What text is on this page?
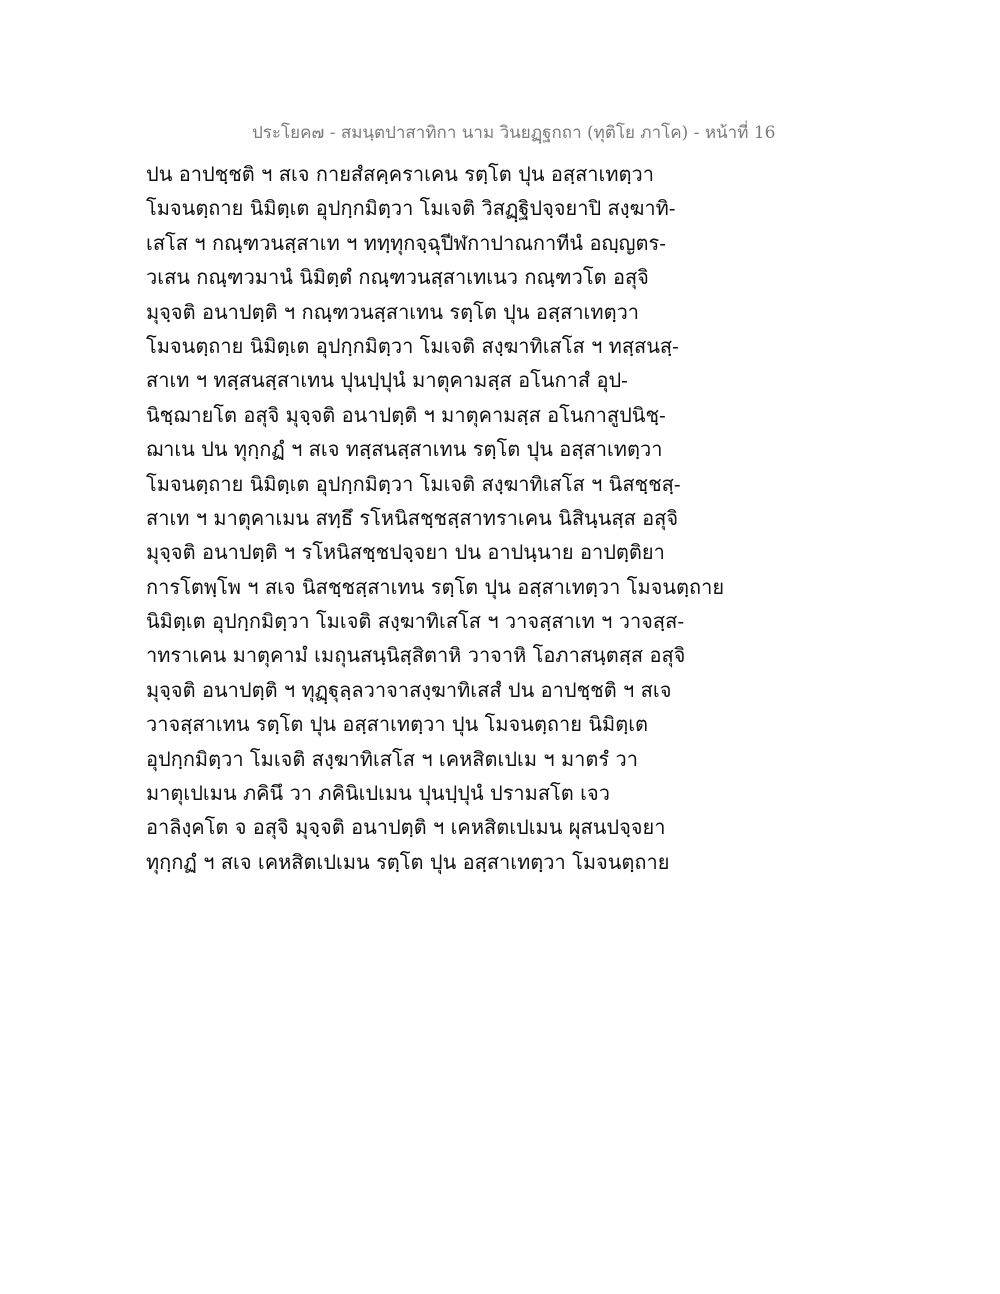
ประโยค๗ - สมนฺตปาสาทิกา นาม วินยฏฺฐกถา (ทุติโย ภาโค) - หน้าที่ 16
ปน อาปชฺชติ ฯ สเจ กายสํสคฺคราเคน รตฺโต ปุน อสฺสาเทตฺวา
โมจนตฺถาย นิมิตฺเต อุปกฺกมิตฺวา โมเจติ วิสฏฺฐิปจฺจยาปิ สงฺฆาทิ-
เสโส ฯ กณฺฑวนสฺสาเท ฯ ททฺทุกจฺฉุปีฬกาปาณกาทีนํ อญฺญตร-
วเสน กณฺฑวมานํ นิมิตฺตํ กณฺฑวนสฺสาเทเนว กณฺฑวโต อสุจิ
มุจฺจติ อนาปตฺติ ฯ กณฺฑวนสฺสาเทน รตฺโต ปุน อสฺสาเทตฺวา
โมจนตฺถาย นิมิตฺเต อุปกฺกมิตฺวา โมเจติ สงฺฆาทิเสโส ฯ ทสฺสนสฺ-
สาเท ฯ ทสฺสนสฺสาเทน ปุนปฺปุนํ มาตุคามสฺส อโนกาสํ อุป-
นิชฺฌายโต อสุจิ มุจฺจติ อนาปตฺติ ฯ มาตุคามสฺส อโนกาสูปนิชฺ-
ฌาเน ปน ทุกฺกฏํ ฯ สเจ ทสฺสนสฺสาเทน รตฺโต ปุน อสฺสาเทตฺวา
โมจนตฺถาย นิมิตฺเต อุปกฺกมิตฺวา โมเจติ สงฺฆาทิเสโส ฯ นิสชฺชสฺ-
สาเท ฯ มาตุคาเมน สทฺธึ รโหนิสชฺชสฺสาทราเคน นิสินฺนสฺส อสุจิ
มุจฺจติ อนาปตฺติ ฯ รโหนิสชฺชปจฺจยา ปน อาปนฺนาย อาปตฺติยา
การโตพฺโพ ฯ สเจ นิสชฺชสฺสาเทน รตฺโต ปุน อสฺสาเทตฺวา โมจนตฺถาย
นิมิตฺเต อุปกฺกมิตฺวา โมเจติ สงฺฆาทิเสโส ฯ วาจสฺสาเท ฯ วาจสฺส-
าทราเคน มาตุคามํ เมถุนสนฺนิสฺสิตาหิ วาจาหิ โอภาสนฺตสฺส อสุจิ
มุจฺจติ อนาปตฺติ ฯ ทุฏฺฐุลฺลวาจาสงฺฆาทิเสสํ ปน อาปชฺชติ ฯ สเจ
วาจสฺสาเทน รตฺโต ปุน อสฺสาเทตฺวา ปุน โมจนตฺถาย นิมิตฺเต
อุปกฺกมิตฺวา โมเจติ สงฺฆาทิเสโส ฯ เคหสิตเปเม ฯ มาตรํ วา
มาตุเปเมน ภคินึ วา ภคินิเปเมน ปุนปฺปุนํ ปรามสโต เจว
อาลิงฺคโต จ อสุจิ มุจฺจติ อนาปตฺติ ฯ เคหสิตเปเมน ผุสนปจฺจยา
ทุกฺกฏํ ฯ สเจ เคหสิตเปเมน รตฺโต ปุน อสฺสาเทตฺวา โมจนตฺถาย
